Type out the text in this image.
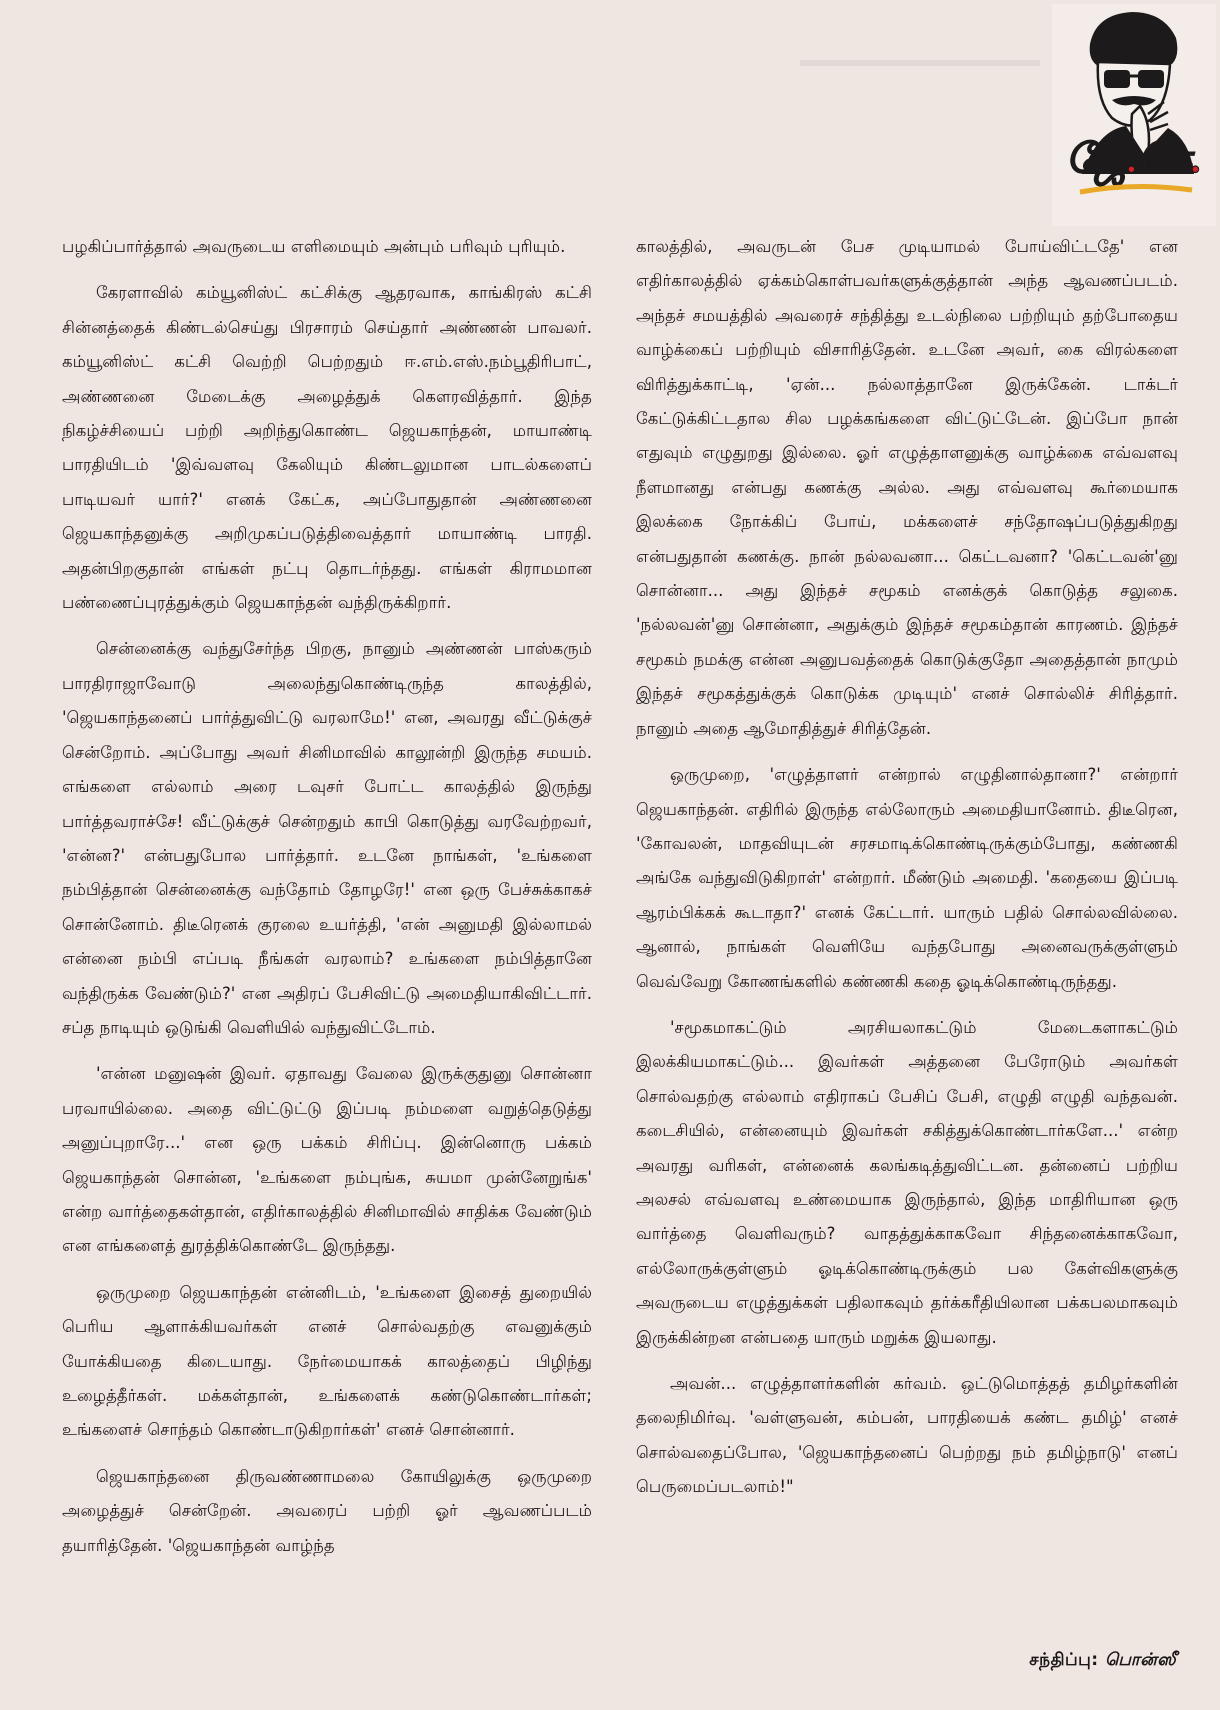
ஜே.கே.

பழகிப்பார்த்தால் அவருடைய எளிமையும் அன்பும் பரிவும் புரியும்.

கேரளாவில் கம்யூனிஸ்ட் கட்சிக்கு ஆதரவாக, காங்கிரஸ் கட்சி சின்னத்தைக் கிண்டல்செய்து பிரசாரம் செய்தார் அண்ணன் பாவலர். கம்யூனிஸ்ட் கட்சி வெற்றி பெற்றதும் ஈ.எம்.எஸ்.நம்பூதிரிபாட், அண்ணனை மேடைக்கு அழைத்துக் கௌரவித்தார். இந்த நிகழ்ச்சியைப் பற்றி அறிந்துகொண்ட ஜெயகாந்தன், மாயாண்டி பாரதியிடம் 'இவ்வளவு கேலியும் கிண்டலுமான பாடல்களைப் பாடியவர் யார்?' எனக் கேட்க, அப்போதுதான் அண்ணனை ஜெயகாந்தனுக்கு அறிமுகப்படுத்திவைத்தார் மாயாண்டி பாரதி. அதன்பிறகுதான் எங்கள் நட்பு தொடர்ந்தது. எங்கள் கிராமமான பண்ணைப்புரத்துக்கும் ஜெயகாந்தன் வந்திருக்கிறார்.

சென்னைக்கு வந்துசேர்ந்த பிறகு, நானும் அண்ணன் பாஸ்கரும் பாரதிராஜாவோடு அலைந்துகொண்டிருந்த காலத்தில், 'ஜெயகாந்தனைப் பார்த்துவிட்டு வரலாமே!' என, அவரது வீட்டுக்குச் சென்றோம். அப்போது அவர் சினிமாவில் காலூன்றி இருந்த சமயம். எங்களை எல்லாம் அரை டவுசர் போட்ட காலத்தில் இருந்து பார்த்தவராச்சே! வீட்டுக்குச் சென்றதும் காபி கொடுத்து வரவேற்றவர், 'என்ன?' என்பதுபோல பார்த்தார். உடனே நாங்கள், 'உங்களை நம்பித்தான் சென்னைக்கு வந்தோம் தோழரே!' என ஒரு பேச்சுக்காகச் சொன்னோம். திடீரெனக் குரலை உயர்த்தி, 'என் அனுமதி இல்லாமல் என்னை நம்பி எப்படி நீங்கள் வரலாம்? உங்களை நம்பித்தானே வந்திருக்க வேண்டும்?' என அதிரப் பேசிவிட்டு அமைதியாகிவிட்டார். சப்த நாடியும் ஒடுங்கி வெளியில் வந்துவிட்டோம்.

'என்ன மனுஷன் இவர். ஏதாவது வேலை இருக்குதுனு சொன்னா பரவாயில்லை. அதை விட்டுட்டு இப்படி நம்மளை வறுத்தெடுத்து அனுப்புறாரே...' என ஒரு பக்கம் சிரிப்பு. இன்னொரு பக்கம் ஜெயகாந்தன் சொன்ன, 'உங்களை நம்புங்க, சுயமா முன்னேறுங்க' என்ற வார்த்தைகள்தான், எதிர்காலத்தில் சினிமாவில் சாதிக்க வேண்டும் என எங்களைத் துரத்திக்கொண்டே இருந்தது.

ஒருமுறை ஜெயகாந்தன் என்னிடம், 'உங்களை இசைத் துறையில் பெரிய ஆளாக்கியவர்கள் எனச் சொல்வதற்கு எவனுக்கும் யோக்கியதை கிடையாது. நேர்மையாகக் காலத்தைப் பிழிந்து உழைத்தீர்கள். மக்கள்தான், உங்களைக் கண்டுகொண்டார்கள்; உங்களைச் சொந்தம் கொண்டாடுகிறார்கள்' எனச் சொன்னார்.

ஜெயகாந்தனை திருவண்ணாமலை கோயிலுக்கு ஒருமுறை அழைத்துச் சென்றேன். அவரைப் பற்றி ஓர் ஆவணப்படம் தயாரித்தேன். 'ஜெயகாந்தன் வாழ்ந்த

காலத்தில், அவருடன் பேச முடியாமல் போய்விட்டதே' என எதிர்காலத்தில் ஏக்கம்கொள்பவர்களுக்குத்தான் அந்த ஆவணப்படம். அந்தச் சமயத்தில் அவரைச் சந்தித்து உடல்நிலை பற்றியும் தற்போதைய வாழ்க்கைப் பற்றியும் விசாரித்தேன். உடனே அவர், கை விரல்களை விரித்துக்காட்டி, 'ஏன்... நல்லாத்தானே இருக்கேன். டாக்டர் கேட்டுக்கிட்டதால சில பழக்கங்களை விட்டுட்டேன். இப்போ நான் எதுவும் எழுதுறது இல்லை. ஓர் எழுத்தாளனுக்கு வாழ்க்கை எவ்வளவு நீளமானது என்பது கணக்கு அல்ல. அது எவ்வளவு கூர்மையாக இலக்கை நோக்கிப் போய், மக்களைச் சந்தோஷப்படுத்துகிறது என்பதுதான் கணக்கு. நான் நல்லவனா... கெட்டவனா? 'கெட்டவன்'னு சொன்னா... அது இந்தச் சமூகம் எனக்குக் கொடுத்த சலுகை. 'நல்லவன்'னு சொன்னா, அதுக்கும் இந்தச் சமூகம்தான் காரணம். இந்தச் சமூகம் நமக்கு என்ன அனுபவத்தைக் கொடுக்குதோ அதைத்தான் நாமும் இந்தச் சமூகத்துக்குக் கொடுக்க முடியும்' எனச் சொல்லிச் சிரித்தார். நானும் அதை ஆமோதித்துச் சிரித்தேன்.

ஒருமுறை, 'எழுத்தாளர் என்றால் எழுதினால்தானா?' என்றார் ஜெயகாந்தன். எதிரில் இருந்த எல்லோரும் அமைதியானோம். திடீரென, 'கோவலன், மாதவியுடன் சரசமாடிக்கொண்டிருக்கும்போது, கண்ணகி அங்கே வந்துவிடுகிறாள்' என்றார். மீண்டும் அமைதி. 'கதையை இப்படி ஆரம்பிக்கக் கூடாதா?' எனக் கேட்டார். யாரும் பதில் சொல்லவில்லை. ஆனால், நாங்கள் வெளியே வந்தபோது அனைவருக்குள்ளும் வெவ்வேறு கோணங்களில் கண்ணகி கதை ஓடிக்கொண்டிருந்தது.

'சமூகமாகட்டும் அரசியலாகட்டும் மேடைகளாகட்டும் இலக்கியமாகட்டும்... இவர்கள் அத்தனை பேரோடும் அவர்கள் சொல்வதற்கு எல்லாம் எதிராகப் பேசிப் பேசி, எழுதி எழுதி வந்தவன். கடைசியில், என்னையும் இவர்கள் சகித்துக்கொண்டார்களே...' என்ற அவரது வரிகள், என்னைக் கலங்கடித்துவிட்டன. தன்னைப் பற்றிய அலசல் எவ்வளவு உண்மையாக இருந்தால், இந்த மாதிரியான ஒரு வார்த்தை வெளிவரும்? வாதத்துக்காகவோ சிந்தனைக்காகவோ, எல்லோருக்குள்ளும் ஓடிக்கொண்டிருக்கும் பல கேள்விகளுக்கு அவருடைய எழுத்துக்கள் பதிலாகவும் தர்க்கரீதியிலான பக்கபலமாகவும் இருக்கின்றன என்பதை யாரும் மறுக்க இயலாது.

அவன்... எழுத்தாளர்களின் கர்வம். ஒட்டுமொத்தத் தமிழர்களின் தலைநிமிர்வு. 'வள்ளுவன், கம்பன், பாரதியைக் கண்ட தமிழ்' எனச் சொல்வதைப்போல, 'ஜெயகாந்தனைப் பெற்றது நம் தமிழ்நாடு' எனப் பெருமைப்படலாம்!"

சந்திப்பு: பொன்ஸீ
